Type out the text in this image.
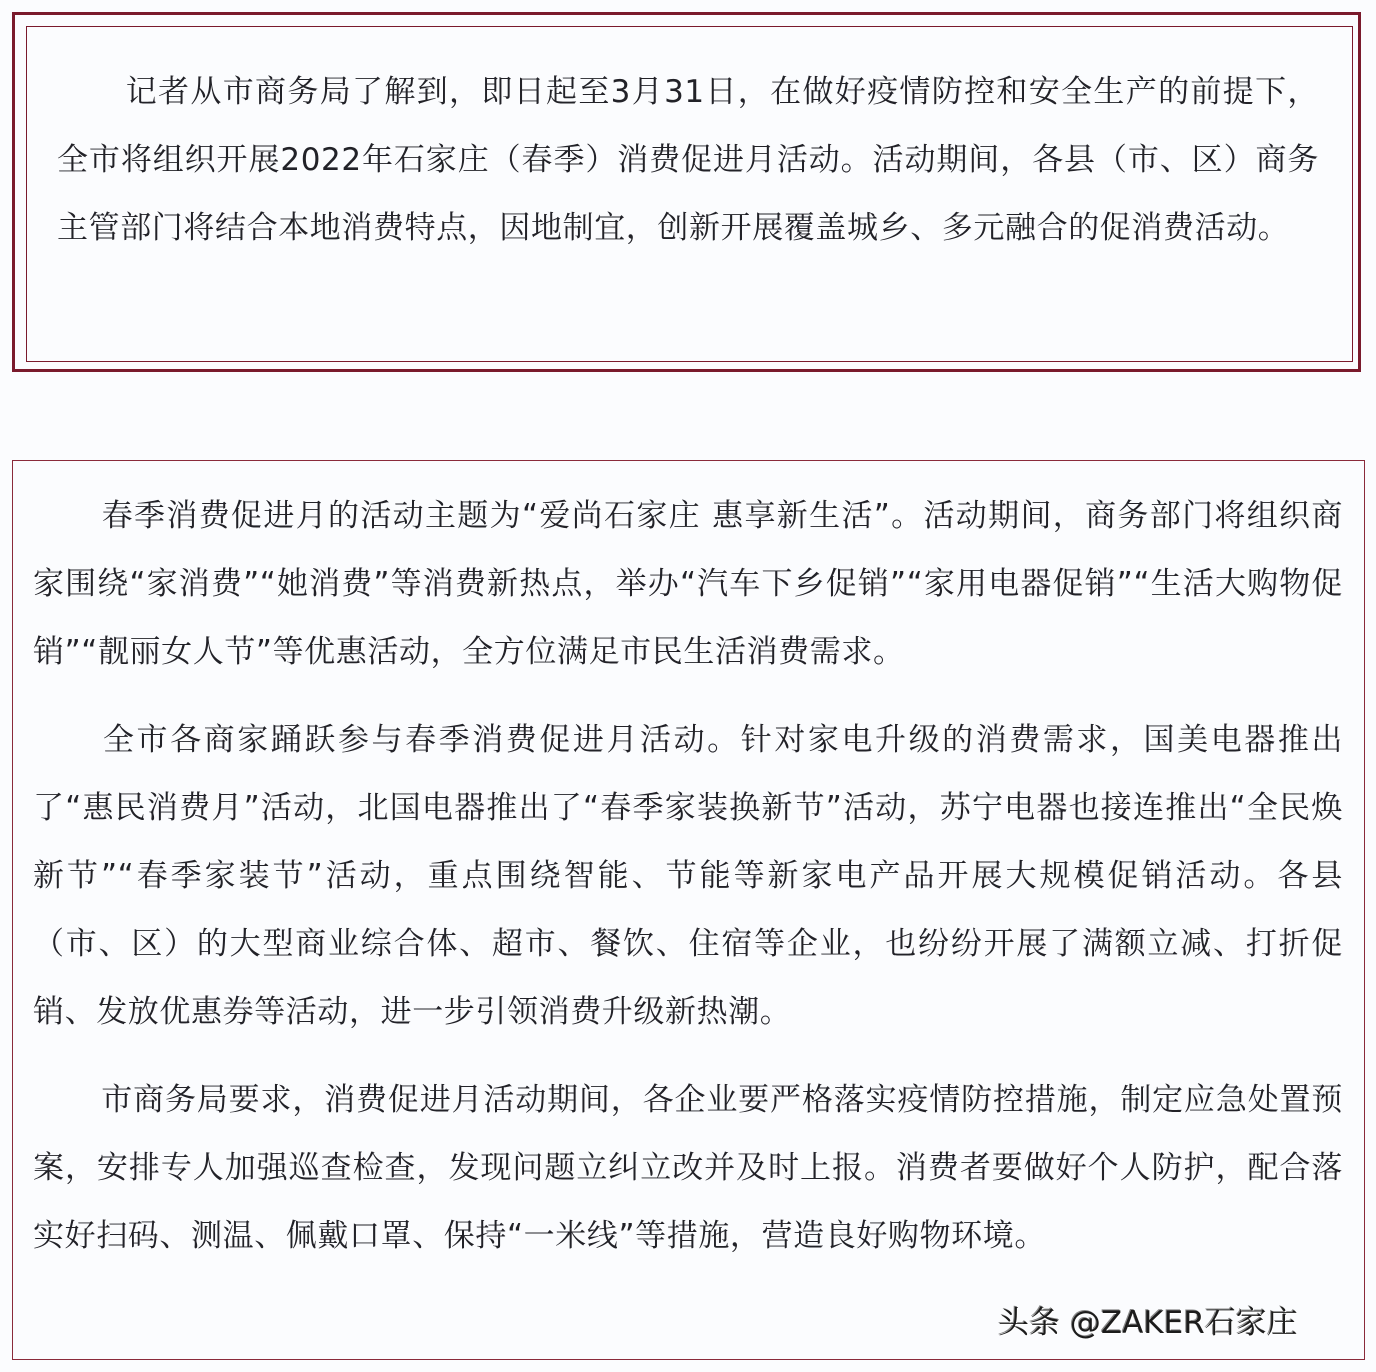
记者从市商务局了解到，即日起至3月31日，在做好疫情防控和安全生产的前提下，全市将组织开展2022年石家庄（春季）消费促进月活动。活动期间，各县（市、区）商务主管部门将结合本地消费特点，因地制宜，创新开展覆盖城乡、多元融合的促消费活动。

春季消费促进月的活动主题为“爱尚石家庄 惠享新生活”。活动期间，商务部门将组织商家围绕“家消费”“她消费”等消费新热点，举办“汽车下乡促销”“家用电器促销”“生活大购物促销”“靓丽女人节”等优惠活动，全方位满足市民生活消费需求。

全市各商家踊跃参与春季消费促进月活动。针对家电升级的消费需求，国美电器推出了“惠民消费月”活动，北国电器推出了“春季家装换新节”活动，苏宁电器也接连推出“全民焕新节”“春季家装节”活动，重点围绕智能、节能等新家电产品开展大规模促销活动。各县（市、区）的大型商业综合体、超市、餐饮、住宿等企业，也纷纷开展了满额立减、打折促销、发放优惠券等活动，进一步引领消费升级新热潮。

市商务局要求，消费促进月活动期间，各企业要严格落实疫情防控措施，制定应急处置预案，安排专人加强巡查检查，发现问题立纠立改并及时上报。消费者要做好个人防护，配合落实好扫码、测温、佩戴口罩、保持“一米线”等措施，营造良好购物环境。

头条 @ZAKER石家庄
